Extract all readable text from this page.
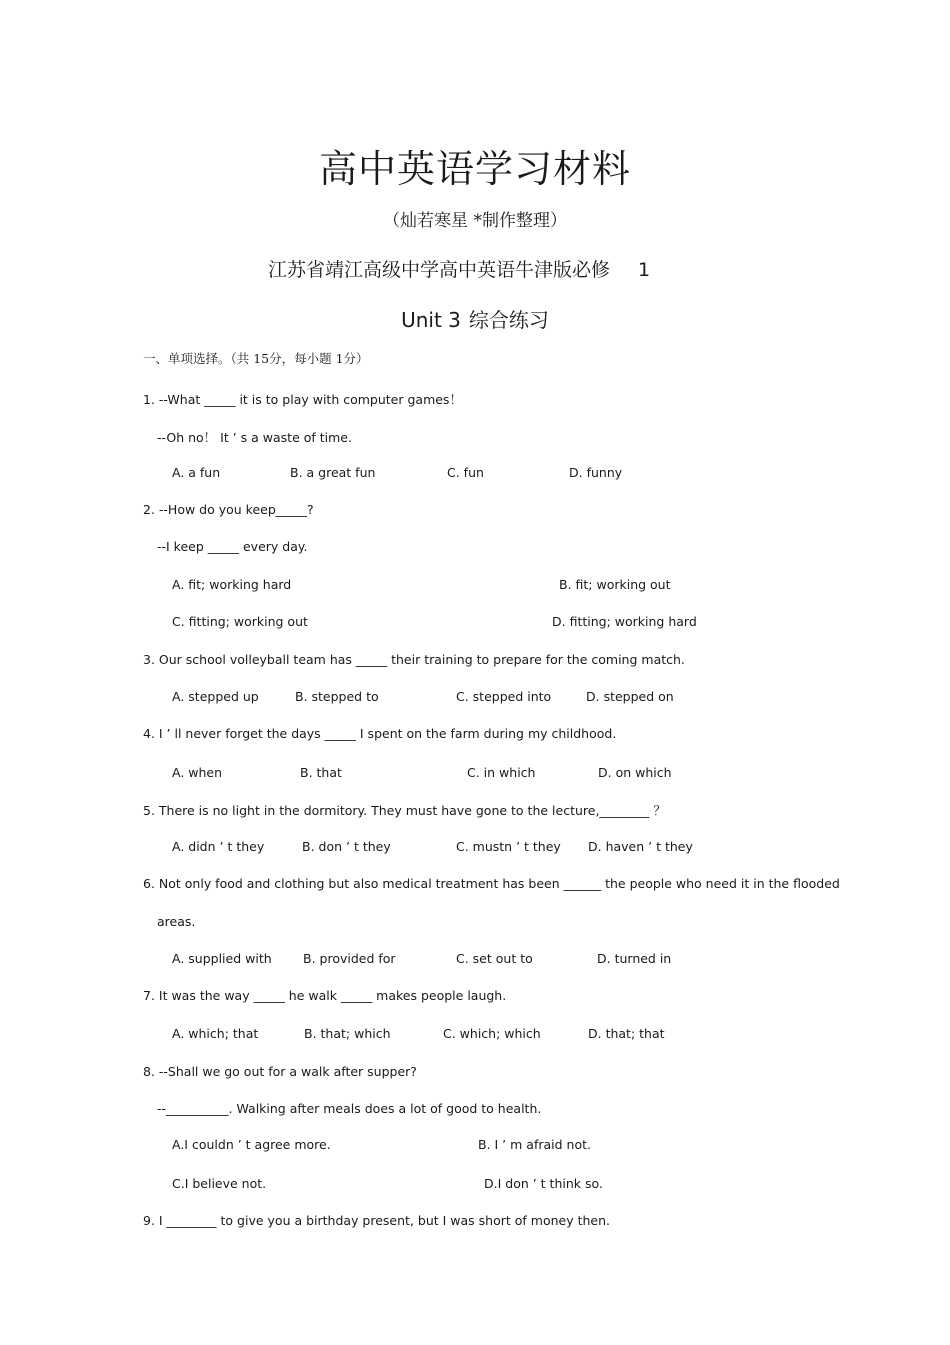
高中英语学习材料
（灿若寒星 *制作整理）
江苏省靖江高级中学高中英语牛津版必修 1
Unit 3 综合练习
一、单项选择。（共 15分，每小题 1分）
1. --What _____ it is to play with computer games！
--Oh no！ It ’ s a waste of time.
A. a fun	B. a great fun	C. fun	D. funny
2. --How do you keep_____?
--I keep _____ every day.
A. fit; working hard	B. fit; working out
C. fitting; working out	D. fitting; working hard
3. Our school volleyball team has _____ their training to prepare for the coming match.
A. stepped up	B. stepped to	C. stepped into	D. stepped on
4. I ’ ll never forget the days _____ I spent on the farm during my childhood.
A. when	B. that	C. in which	D. on which
5. There is no light in the dormitory. They must have gone to the lecture,________ ？
A. didn ’ t they	B. don ’ t they	C. mustn ’ t they D. haven ’ t they
6. Not only food and clothing but also medical treatment has been ______ the people who need it in the flooded
areas.
A. supplied with	B. provided for	C. set out to	D. turned in
7. It was the way _____ he walk _____ makes people laugh.
A. which; that	B. that; which	C. which; which	D. that; that
8. --Shall we go out for a walk after supper?
--__________. Walking after meals does a lot of good to health.
A.I couldn ’ t agree more.	B. I ’ m afraid not.
C.I believe not.	D.I don ’ t think so.
9. I ________ to give you a birthday present, but I was short of money then.
